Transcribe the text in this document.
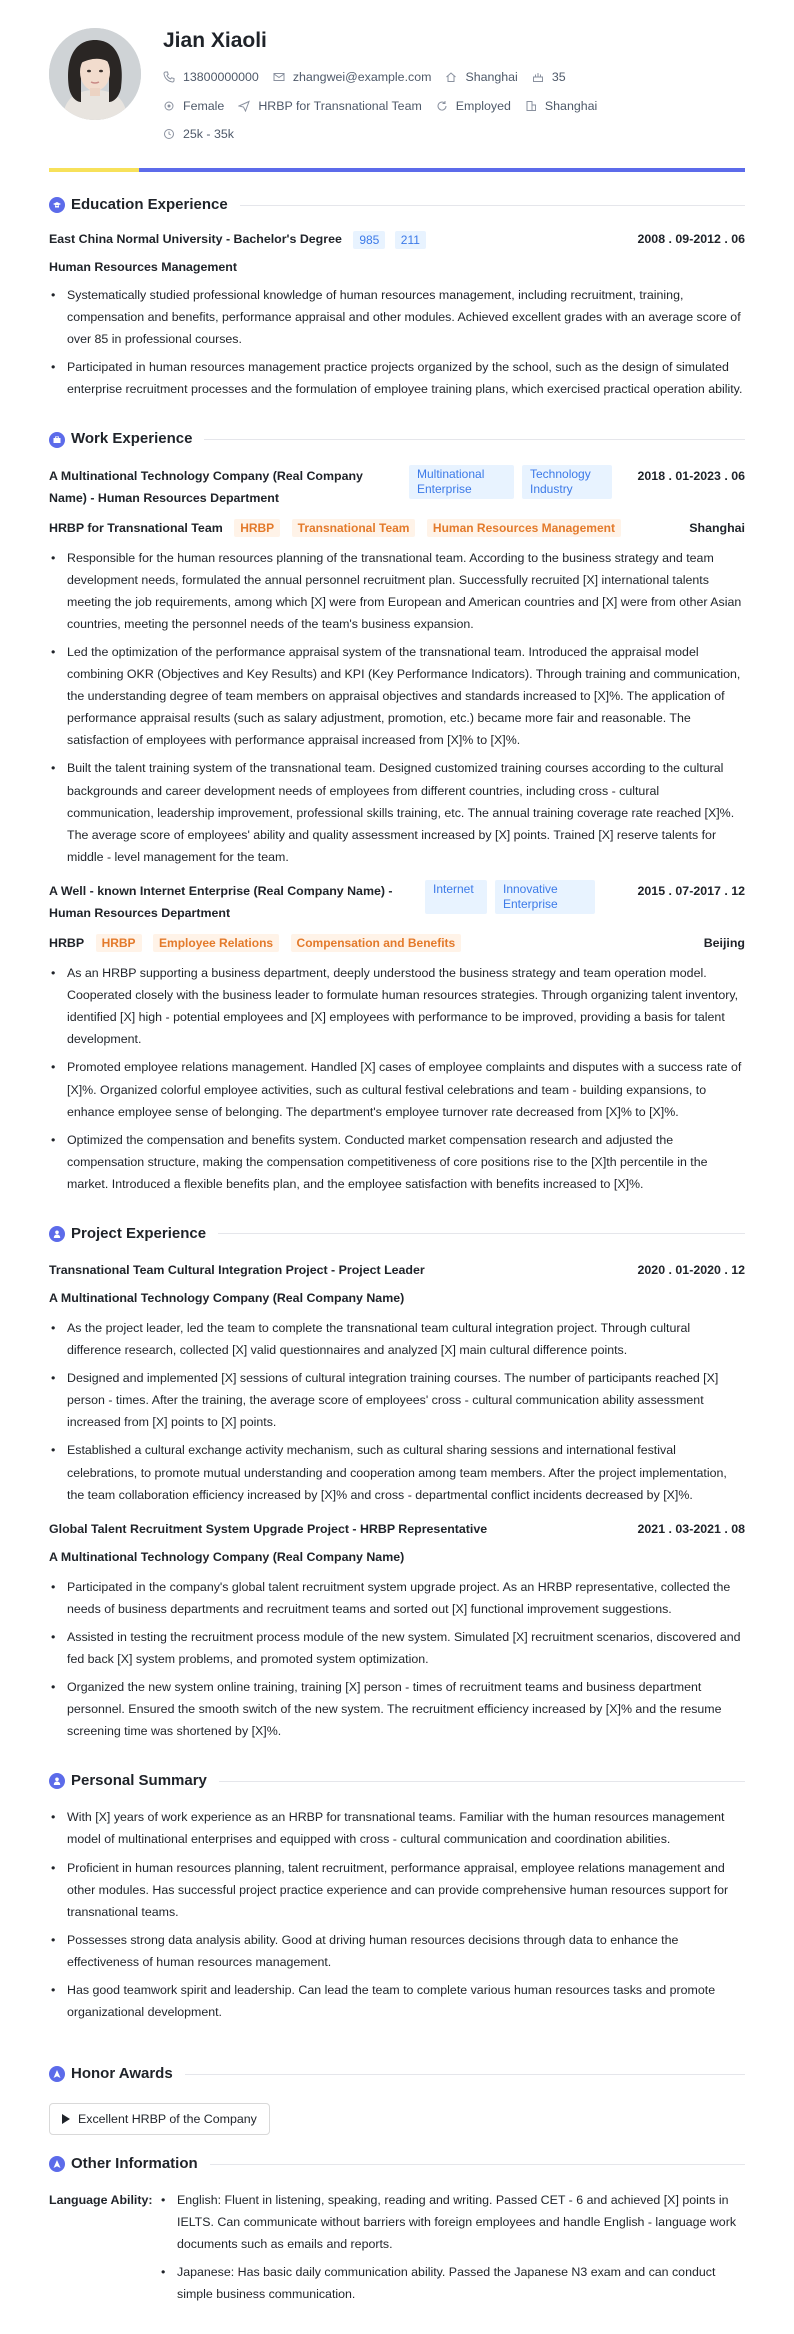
Jian Xiaoli
13800000000	zhangwei@example.com	Shanghai	35
Female	HRBP for Transnational Team	Employed	Shanghai
25k - 35k
Education Experience
East China Normal University - Bachelor's Degree 985 211	2008 . 09-2012 . 06
Human Resources Management
• Systematically studied professional knowledge of human resources management, including recruitment, training, compensation and benefits, performance appraisal and other modules. Achieved excellent grades with an average score of over 85 in professional courses.
• Participated in human resources management practice projects organized by the school, such as the design of simulated enterprise recruitment processes and the formulation of employee training plans, which exercised practical operation ability.
Work Experience
A Multinational Technology Company (Real Company Name) - Human Resources Department
Multinational Enterprise
Technology Industry
2018 . 01-2023 . 06
HRBP for Transnational Team HRBP Transnational Team Human Resources Management	Shanghai
• Responsible for the human resources planning of the transnational team. According to the business strategy and team development needs, formulated the annual personnel recruitment plan. Successfully recruited [X] international talents meeting the job requirements, among which [X] were from European and American countries and [X] were from other Asian countries, meeting the personnel needs of the team's business expansion.
• Led the optimization of the performance appraisal system of the transnational team. Introduced the appraisal model combining OKR (Objectives and Key Results) and KPI (Key Performance Indicators). Through training and communication, the understanding degree of team members on appraisal objectives and standards increased to [X]%. The application of performance appraisal results (such as salary adjustment, promotion, etc.) became more fair and reasonable. The satisfaction of employees with performance appraisal increased from [X]% to [X]%.
• Built the talent training system of the transnational team. Designed customized training courses according to the cultural backgrounds and career development needs of employees from different countries, including cross - cultural communication, leadership improvement, professional skills training, etc. The annual training coverage rate reached [X]%. The average score of employees' ability and quality assessment increased by [X] points. Trained [X] reserve talents for middle - level management for the team.
A Well - known Internet Enterprise (Real Company Name) - Human Resources Department
Internet	Innovative Enterprise
2015 . 07-2017 . 12
HRBP HRBP Employee Relations Compensation and Benefits	Beijing
• As an HRBP supporting a business department, deeply understood the business strategy and team operation model. Cooperated closely with the business leader to formulate human resources strategies. Through organizing talent inventory, identified [X] high - potential employees and [X] employees with performance to be improved, providing a basis for talent development.
• Promoted employee relations management. Handled [X] cases of employee complaints and disputes with a success rate of [X]%. Organized colorful employee activities, such as cultural festival celebrations and team - building expansions, to enhance employee sense of belonging. The department's employee turnover rate decreased from [X]% to [X]%.
• Optimized the compensation and benefits system. Conducted market compensation research and adjusted the compensation structure, making the compensation competitiveness of core positions rise to the [X]th percentile in the market. Introduced a flexible benefits plan, and the employee satisfaction with benefits increased to [X]%.
Project Experience
Transnational Team Cultural Integration Project - Project Leader	2020 . 01-2020 . 12
A Multinational Technology Company (Real Company Name)
• As the project leader, led the team to complete the transnational team cultural integration project. Through cultural difference research, collected [X] valid questionnaires and analyzed [X] main cultural difference points.
• Designed and implemented [X] sessions of cultural integration training courses. The number of participants reached [X] person - times. After the training, the average score of employees' cross - cultural communication ability assessment increased from [X] points to [X] points.
• Established a cultural exchange activity mechanism, such as cultural sharing sessions and international festival celebrations, to promote mutual understanding and cooperation among team members. After the project implementation, the team collaboration efficiency increased by [X]% and cross - departmental conflict incidents decreased by [X]%.
Global Talent Recruitment System Upgrade Project - HRBP Representative	2021 . 03-2021 . 08
A Multinational Technology Company (Real Company Name)
• Participated in the company's global talent recruitment system upgrade project. As an HRBP representative, collected the needs of business departments and recruitment teams and sorted out [X] functional improvement suggestions.
• Assisted in testing the recruitment process module of the new system. Simulated [X] recruitment scenarios, discovered and fed back [X] system problems, and promoted system optimization.
• Organized the new system online training, training [X] person - times of recruitment teams and business department personnel. Ensured the smooth switch of the new system. The recruitment efficiency increased by [X]% and the resume screening time was shortened by [X]%.
Personal Summary
• With [X] years of work experience as an HRBP for transnational teams. Familiar with the human resources management model of multinational enterprises and equipped with cross - cultural communication and coordination abilities.
• Proficient in human resources planning, talent recruitment, performance appraisal, employee relations management and other modules. Has successful project practice experience and can provide comprehensive human resources support for transnational teams.
• Possesses strong data analysis ability. Good at driving human resources decisions through data to enhance the effectiveness of human resources management.
• Has good teamwork spirit and leadership. Can lead the team to complete various human resources tasks and promote organizational development.
Honor Awards
Excellent HRBP of the Company
Other Information
Language Ability:
•	English: Fluent in listening, speaking, reading and writing. Passed CET - 6 and achieved [X] points in IELTS. Can communicate without barriers with foreign employees and handle English - language work documents such as emails and reports.
• Japanese: Has basic daily communication ability. Passed the Japanese N3 exam and can conduct simple business communication.
